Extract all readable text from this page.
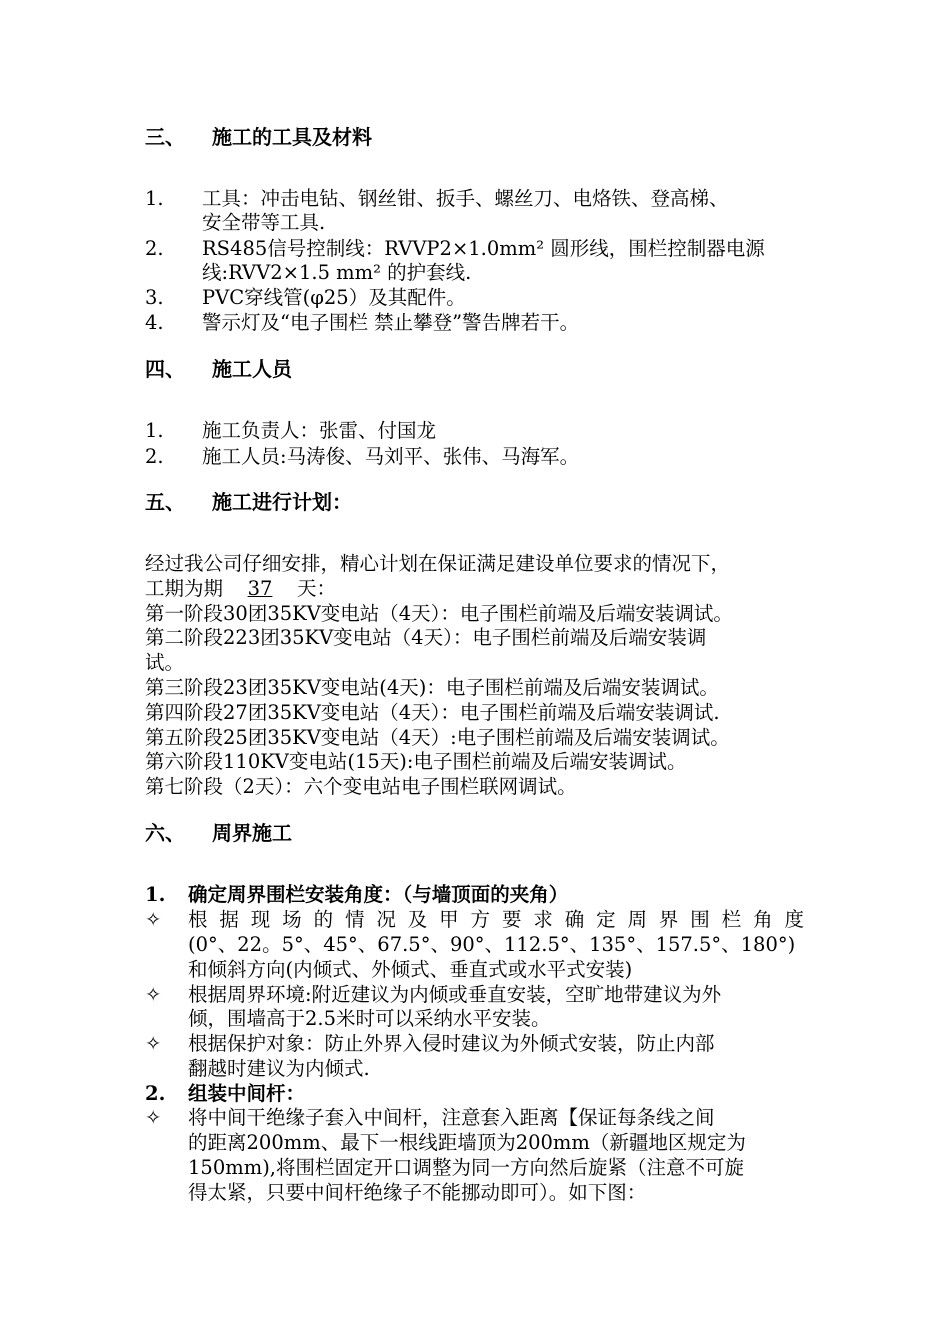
三、 施工的工具及材料
1. 工具：冲击电钻、钢丝钳、扳手、螺丝刀、电烙铁、登高梯、
安全带等工具.
2. RS485信号控制线：RVVP2×1.0mm² 圆形线，围栏控制器电源
线:RVV2×1.5 mm² 的护套线.
3. PVC穿线管(φ25）及其配件。
4. 警示灯及“电子围栏 禁止攀登”警告牌若干。
四、 施工人员
1. 施工负责人：张雷、付国龙
2. 施工人员:马涛俊、马刘平、张伟、马海军。
五、 施工进行计划：
经过我公司仔细安排，精心计划在保证满足建设单位要求的情况下，
工期为期 37 天：
第一阶段30团35KV变电站（4天）：电子围栏前端及后端安装调试。
第二阶段223团35KV变电站（4天）：电子围栏前端及后端安装调
试。
第三阶段23团35KV变电站(4天)：电子围栏前端及后端安装调试。
第四阶段27团35KV变电站（4天）：电子围栏前端及后端安装调试.
第五阶段25团35KV变电站（4天）:电子围栏前端及后端安装调试。
第六阶段110KV变电站(15天):电子围栏前端及后端安装调试。
第七阶段（2天）：六个变电站电子围栏联网调试。
六、 周界施工
1. 确定周界围栏安装角度：（与墙顶面的夹角）
✧ 根据现场的情况及甲方要求确定周界围栏角度
(0°、22。5°、45°、67.5°、90°、112.5°、135°、157.5°、180°)
和倾斜方向(内倾式、外倾式、垂直式或水平式安装)
✧ 根据周界环境:附近建议为内倾或垂直安装，空旷地带建议为外
倾，围墙高于2.5米时可以采纳水平安装。
✧ 根据保护对象：防止外界入侵时建议为外倾式安装，防止内部
翻越时建议为内倾式.
2. 组装中间杆：
✧ 将中间干绝缘子套入中间杆，注意套入距离【保证每条线之间
的距离200mm、最下一根线距墙顶为200mm（新疆地区规定为
150mm),将围栏固定开口调整为同一方向然后旋紧（注意不可旋
得太紧，只要中间杆绝缘子不能挪动即可）。如下图：
